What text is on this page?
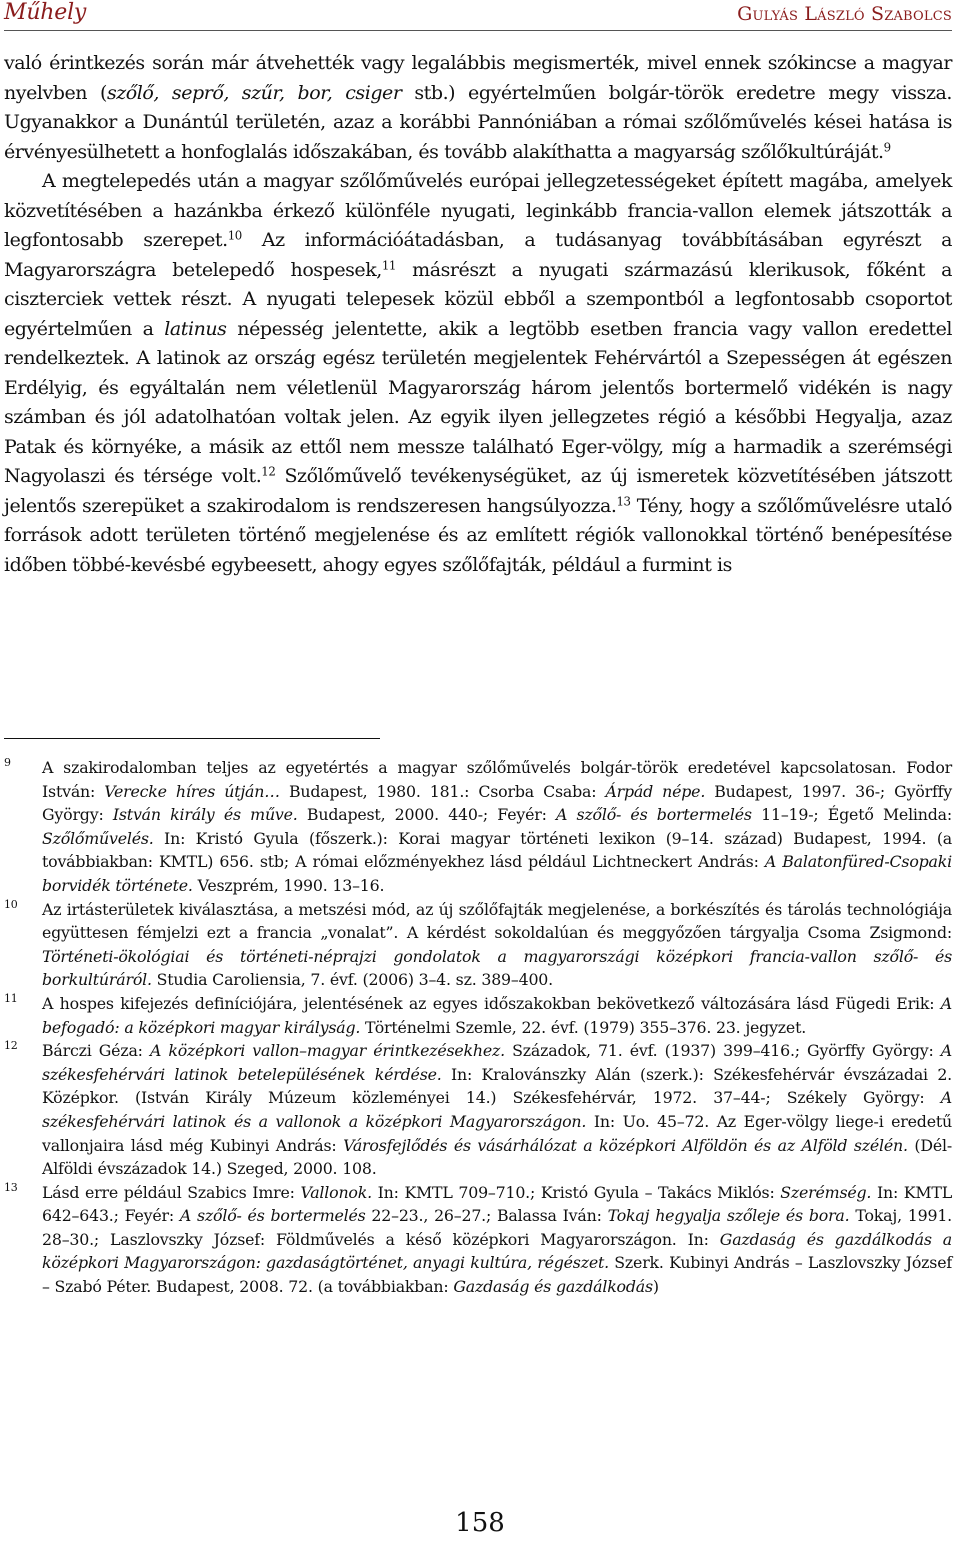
Műhely	Gulyás László Szabolcs

való érintkezés során már átvehették vagy legalábbis megismerték, mivel ennek szókincse a magyar nyelvben (szőlő, seprő, szűr, bor, csiger stb.) egyértelműen bolgár-török eredetre megy vissza. Ugyanakkor a Dunántúl területén, azaz a korábbi Pannóniában a római szőlőművelés kései hatása is érvényesülhetett a honfoglalás időszakában, és tovább alakíthatta a magyarság szőlőkultúráját.$^9$

A megtelepedés után a magyar szőlőművelés európai jellegzetességeket épített magába, amelyek közvetítésében a hazánkba érkező különféle nyugati, leginkább francia-vallon elemek játszották a legfontosabb szerepet.$^{10}$ Az információátadásban, a tudásanyag továbbításában egyrészt a Magyarországra betelepedő hospesek,$^{11}$ másrészt a nyugati származású klerikusok, főként a ciszterciek vettek részt. A nyugati telepesek közül ebből a szempontból a legfontosabb csoportot egyértelműen a latinus népesség jelentette, akik a legtöbb esetben francia vagy vallon eredettel rendelkeztek. A latinok az ország egész területén megjelentek Fehérvártól a Szepességen át egészen Erdélyig, és egyáltalán nem véletlenül Magyarország három jelentős bortermelő vidékén is nagy számban és jól adatolhatóan voltak jelen. Az egyik ilyen jellegzetes régió a későbbi Hegyalja, azaz Patak és környéke, a másik az ettől nem messze található Eger-völgy, míg a harmadik a szerémségi Nagyolaszi és térsége volt.$^{12}$ Szőlőművelő tevékenységüket, az új ismeretek közvetítésében játszott jelentős szerepüket a szakirodalom is rendszeresen hangsúlyozza.$^{13}$ Tény, hogy a szőlőművelésre utaló források adott területen történő megjelenése és az említett régiók vallonokkal történő benépesítése időben többé-kevésbé egybeesett, ahogy egyes szőlőfajták, például a furmint is

9 A szakirodalomban teljes az egyetértés a magyar szőlőművelés bolgár-török eredetével kapcsolatosan. Fodor István: Verecke híres útján… Budapest, 1980. 181.: Csorba Csaba: Árpád népe. Budapest, 1997. 36-; Györffy György: István király és műve. Budapest, 2000. 440-; Feyér: A szőlő- és bortermelés 11–19-; Égető Melinda: Szőlőművelés. In: Kristó Gyula (főszerk.): Korai magyar történeti lexikon (9–14. század) Budapest, 1994. (a továbbiakban: KMTL) 656. stb; A római előzményekhez lásd például Lichtneckert András: A Balatonfüred-Csopaki borvidék története. Veszprém, 1990. 13–16.

10 Az irtásterületek kiválasztása, a metszési mód, az új szőlőfajták megjelenése, a borkészítés és tárolás technológiája együttesen fémjelzi ezt a francia „vonalat”. A kérdést sokoldalúan és meggyőzően tárgyalja Csoma Zsigmond: Történeti-ökológiai és történeti-néprajzi gondolatok a magyarországi középkori francia-vallon szőlő- és borkultúráról. Studia Caroliensia, 7. évf. (2006) 3–4. sz. 389–400.

11 A hospes kifejezés definíciójára, jelentésének az egyes időszakokban bekövetkező változására lásd Fügedi Erik: A befogadó: a középkori magyar királyság. Történelmi Szemle, 22. évf. (1979) 355–376. 23. jegyzet.

12 Bárczi Géza: A középkori vallon–magyar érintkezésekhez. Századok, 71. évf. (1937) 399–416.; Györffy György: A székesfehérvári latinok betelepülésének kérdése. In: Kralovánszky Alán (szerk.): Székesfehérvár évszázadai 2. Középkor. (István Király Múzeum közleményei 14.) Székesfehérvár, 1972. 37–44-; Székely György: A székesfehérvári latinok és a vallonok a középkori Magyarországon. In: Uo. 45–72. Az Eger-völgy liege-i eredetű vallonjaira lásd még Kubinyi András: Városfejlődés és vásárhálózat a középkori Alföldön és az Alföld szélén. (Dél-Alföldi évszázadok 14.) Szeged, 2000. 108.

13 Lásd erre például Szabics Imre: Vallonok. In: KMTL 709–710.; Kristó Gyula – Takács Miklós: Szerémség. In: KMTL 642–643.; Feyér: A szőlő- és bortermelés 22–23., 26–27.; Balassa Iván: Tokaj hegyalja szőleje és bora. Tokaj, 1991. 28–30.; Laszlovszky József: Földművelés a késő középkori Magyarországon. In: Gazdaság és gazdálkodás a középkori Magyarországon: gazdaságtörténet, anyagi kultúra, régészet. Szerk. Kubinyi András – Laszlovszky József – Szabó Péter. Budapest, 2008. 72. (a továbbiakban: Gazdaság és gazdálkodás)

158
